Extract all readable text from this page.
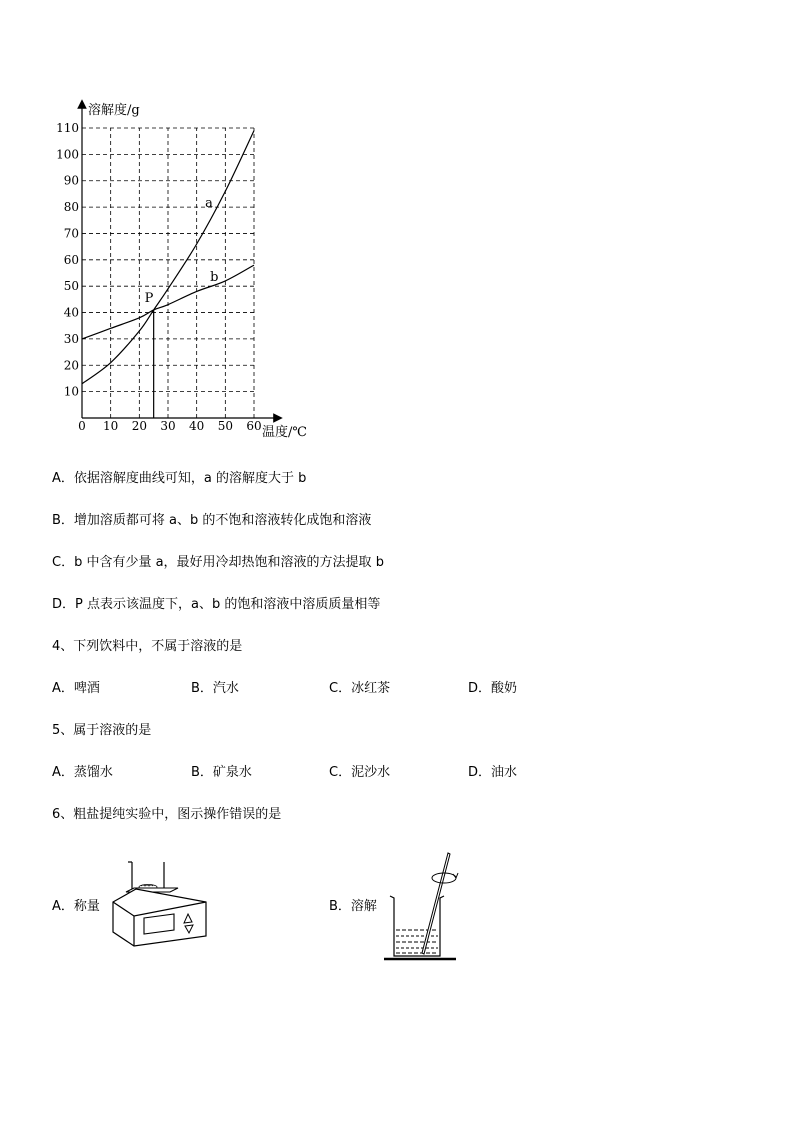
溶解度/g
温度/℃
10
20
30
40
50
60
70
80
90
100
110
0 10 20 30 40 50 60
P
a
b
A．依据溶解度曲线可知，a 的溶解度大于 b
B．增加溶质都可将 a、b 的不饱和溶液转化成饱和溶液
C．b 中含有少量 a，最好用冷却热饱和溶液的方法提取 b
D．P 点表示该温度下，a、b 的饱和溶液中溶质质量相等
4、下列饮料中，不属于溶液的是
A．啤酒	B．汽水	C．冰红茶	D．酸奶
5、属于溶液的是
A．蒸馏水	B．矿泉水	C．泥沙水	D．油水
6、粗盐提纯实验中，图示操作错误的是
A．称量	B．溶解
